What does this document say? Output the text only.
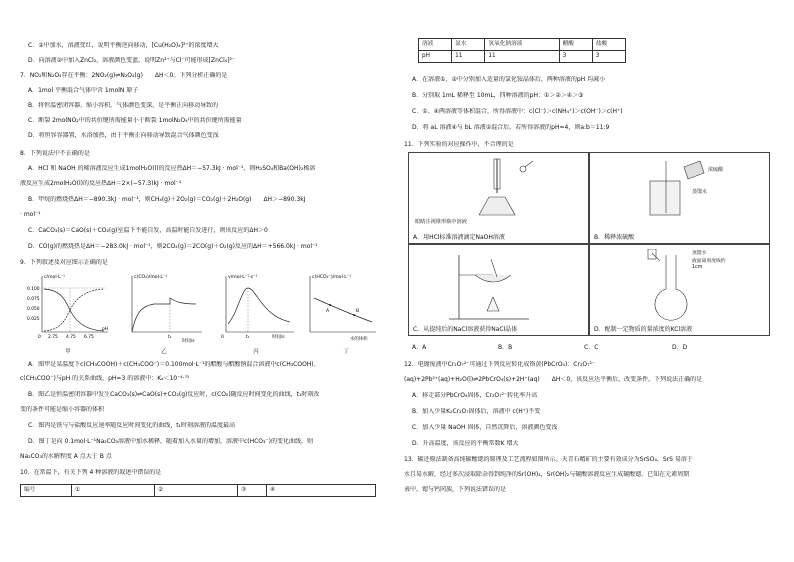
C．②中加水，溶液变红，说明平衡逆向移动，[Cu(H₂O)₄]²⁺的浓度增大
D．向溶液②中加入ZnCl₂，溶液颜色变蓝，说明Zn²⁺与Cl⁻可能形成[ZnCl₄]²⁻
7．NO₂和N₂O₄存在平衡：2NO₂(g)⇌N₂O₄(g)　　ΔH＜0。下列分析正确的是
A．1mol 平衡混合气体中含 1molN 原子
B．将恒温密闭容器，缩小容积，气体颜色变深，是平衡正向移动导致的
C．断裂 2molNO₂中的共价键所需能量小于断裂 1molN₂O₄中的共价键所需能量
D．将恒容容器置，水浴加热，由于平衡正向移动导致混合气体颜色变浅
8．下列说法中不正确的是
A．HCl 和 NaOH 的稀溶液反应生成1molH₂O(l)的反应热ΔH＝−57.3kJ · mol⁻¹，则H₂SO₄和Ba(OH)₂稀溶
液反应生成2molH₂O(l)的反应热ΔH＝2×(−57.3)kJ · mol⁻¹
B．甲烷的燃烧热ΔH＝−890.3kJ · mol⁻¹，则CH₄(g)＋2O₂(g)＝CO₂(g)＋2H₂O(g)　　ΔH＞−890.3kJ
· mol⁻¹
C．CaCO₃(s)＝CaO(s)＋CO₂(g)室温下不能自发，高温时能自发进行，则该反应的ΔH＞0
D．CO(g)的燃烧热是ΔH＝−283.0kJ · mol⁻¹，则2CO₂(g)＝2CO(g)＋O₂(g)反应的ΔH＝+566.0kJ · mol⁻¹
9．下列叙述及对应图示正确的是
c/mol·L⁻¹
0.100
0.075
0.050
0.025
0 2.75 4.75 6.75
pH
甲
c(CO₂)/mol·L⁻¹
t₁
时间/s
乙
v/mol·L⁻¹·s⁻¹
0	t₁	时间/s
丙
c(HCO₃⁻)/mol·L⁻¹
A	B
水的体积
丁
A．图甲是某温度下c(CH₃COOH)＋c(CH₃COO⁻)＝0.100mol·L⁻¹的醋酸与醋酸钠混合溶液中c(CH₃COOH)、
c(CH₃COO⁻)与pH 的关系曲线，pH=3 的溶液中：Kₐ＜10⁻⁴·⁷⁵
B．图乙是恒温密闭容器中发生CaCO₃(s)⇌CaO(s)+CO₂(g)反应时，c(CO₂)随反应时间变化的曲线，t₁时刻改
变的条件可能是缩小容器的体积
C．图丙是铁与与盐酸反应速率随反应时间变化的曲线，t₁时刻溶液的温度最高
D．图丁是向 0.1mol·L⁻¹Na₂CO₃溶液中加水稀释，随着加入水量的增加，溶液中c(HCO₃⁻)的变化曲线，则
Na₂CO₃的水解程度 A 点大于 B 点
10．在常温下，有关下列 4 种溶液的叙述中错误的是
编号	①	②	③	④
溶液	氨水	氢氧化钠溶液	醋酸	盐酸
pH	11	11	3	3
A．在溶液①、②中分别加入适量的氯化铵晶体后，两种溶液的pH 均减小
B．分别取 1mL 稀释至 10mL，四种溶液的pH：①＞②＞④＞③
C．①、④两溶液等体积混合，所得溶液中：c(Cl⁻)＞c(NH₄⁺)＞c(OH⁻)＞c(H⁺)
D．将 aL 溶液④与 bL 溶液②混合后，若所得溶液的pH=4，则a:b＝11:9
11．下列实验的对应操作中，不合理的是
眼睛注视锥形瓶中溶液
A．用HCl标准溶液滴定NaOH溶液
浓硫酸
蒸馏水
B．稀释浓硫酸
C．从提纯后的NaCl溶液获得NaCl晶体
蒸馏水
液面离刻度线约1cm
D．配制一定物质的量浓度的KCl溶液
A．A	B．B	C．C	D．D
12．电镀废液中Cr₂O₇²⁻可通过下列反应转化成铬黄(PbCrO₄)：Cr₂O₇²⁻
(aq)+2Pb²⁺(aq)+H₂O(l)⇌2PbCrO₄(s)+2H⁺(aq)　　ΔH＜0，该反应达平衡后，改变条件，下列说法正确的是
A．移走部分PbCrO₄固体，Cr₂O₇²⁻转化率升高
B．加入少量K₂Cr₂O₇固体后，溶液中 c(H⁺)不变
C．加入少量 NaOH 固体，自然沉降后，溶液颜色变浅
D．升高温度，该反应的平衡常数K 增大
13．碳还原法制备高纯碳酸锶的原理及工艺流程如图所示。天青石精矿的主要有效成分为SrSO₄，SrS 易溶于
水且易水解，经过多次浸取除杂得到纯净的Sr(OH)₂，Sr(OH)₂与碳酸溶液反应生成碳酸锶。已知在元素周期
表中，锶与钙同族，下列说法错误的是
